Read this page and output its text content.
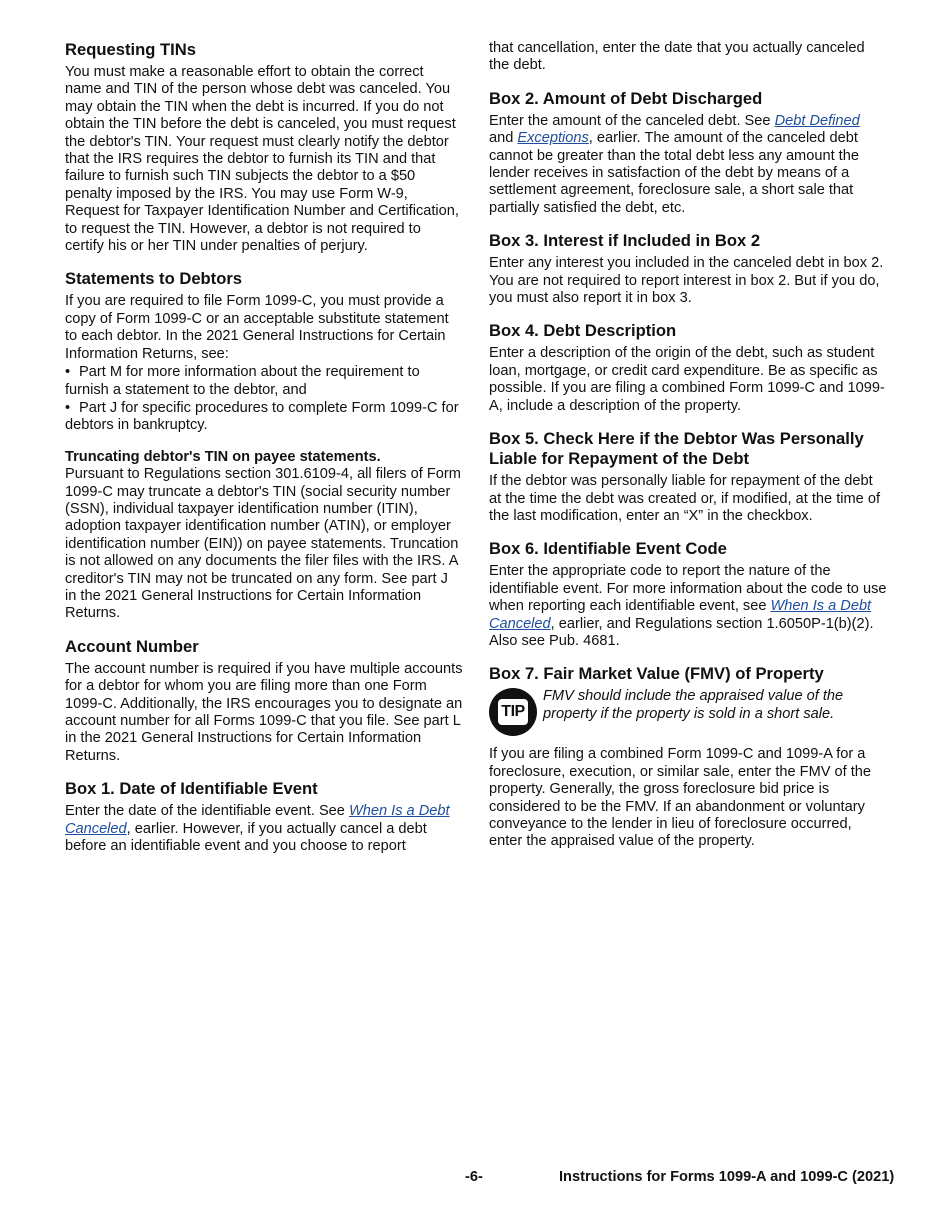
Requesting TINs

You must make a reasonable effort to obtain the correct name and TIN of the person whose debt was canceled. You may obtain the TIN when the debt is incurred. If you do not obtain the TIN before the debt is canceled, you must request the debtor's TIN. Your request must clearly notify the debtor that the IRS requires the debtor to furnish its TIN and that failure to furnish such TIN subjects the debtor to a $50 penalty imposed by the IRS. You may use Form W-9, Request for Taxpayer Identification Number and Certification, to request the TIN. However, a debtor is not required to certify his or her TIN under penalties of perjury.

Statements to Debtors

If you are required to file Form 1099-C, you must provide a copy of Form 1099-C or an acceptable substitute statement to each debtor. In the 2021 General Instructions for Certain Information Returns, see:

• Part M for more information about the requirement to furnish a statement to the debtor, and

• Part J for specific procedures to complete Form 1099-C for debtors in bankruptcy.

Truncating debtor's TIN on payee statements.
Pursuant to Regulations section 301.6109-4, all filers of Form 1099-C may truncate a debtor's TIN (social security number (SSN), individual taxpayer identification number (ITIN), adoption taxpayer identification number (ATIN), or employer identification number (EIN)) on payee statements. Truncation is not allowed on any documents the filer files with the IRS. A creditor's TIN may not be truncated on any form. See part J in the 2021 General Instructions for Certain Information Returns.

Account Number

The account number is required if you have multiple accounts for a debtor for whom you are filing more than one Form 1099-C. Additionally, the IRS encourages you to designate an account number for all Forms 1099-C that you file. See part L in the 2021 General Instructions for Certain Information Returns.

Box 1. Date of Identifiable Event

Enter the date of the identifiable event. See When Is a Debt Canceled, earlier. However, if you actually cancel a debt before an identifiable event and you choose to report

that cancellation, enter the date that you actually canceled the debt.

Box 2. Amount of Debt Discharged

Enter the amount of the canceled debt. See Debt Defined and Exceptions, earlier. The amount of the canceled debt cannot be greater than the total debt less any amount the lender receives in satisfaction of the debt by means of a settlement agreement, foreclosure sale, a short sale that partially satisfied the debt, etc.

Box 3. Interest if Included in Box 2

Enter any interest you included in the canceled debt in box 2. You are not required to report interest in box 2. But if you do, you must also report it in box 3.

Box 4. Debt Description

Enter a description of the origin of the debt, such as student loan, mortgage, or credit card expenditure. Be as specific as possible. If you are filing a combined Form 1099-C and 1099-A, include a description of the property.

Box 5. Check Here if the Debtor Was Personally Liable for Repayment of the Debt

If the debtor was personally liable for repayment of the debt at the time the debt was created or, if modified, at the time of the last modification, enter an “X” in the checkbox.

Box 6. Identifiable Event Code

Enter the appropriate code to report the nature of the identifiable event. For more information about the code to use when reporting each identifiable event, see When Is a Debt Canceled, earlier, and Regulations section 1.6050P-1(b)(2). Also see Pub. 4681.

Box 7. Fair Market Value (FMV) of Property
TIP

FMV should include the appraised value of the property if the property is sold in a short sale.

If you are filing a combined Form 1099-C and 1099-A for a foreclosure, execution, or similar sale, enter the FMV of the property. Generally, the gross foreclosure bid price is considered to be the FMV. If an abandonment or voluntary conveyance to the lender in lieu of foreclosure occurred, enter the appraised value of the property.

-6-	Instructions for Forms 1099-A and 1099-C (2021)
